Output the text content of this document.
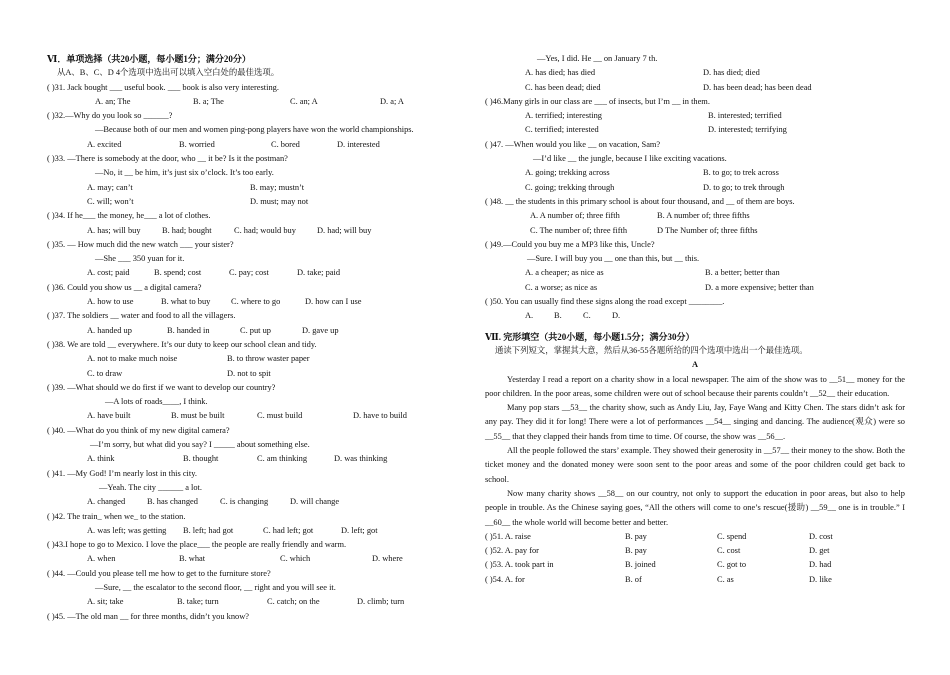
Ⅵ．单项选择（共20小题，每小题1分；满分20分）
从A、B、C、D 4个选项中选出可以填入空白处的最佳选项。
( )31. Jack bought ___ useful book. ___ book is also very interesting.
A. an; The	B. a; The	C. an; A	D. a; A
( )32.—Why do you look so ______?
—Because both of our men and women ping-pong players have won the world championships.
A. excited	B. worried	C. bored	D. interested
( )33. —There is somebody at the door, who __ it be? Is it the postman?
—No, it __ be him, it’s just six o’clock. It’s too early.
A. may; can’t	B. may; mustn’t
C. will; won’t	D. must; may not
( )34. If he___ the money, he___ a lot of clothes.
A. has; will buy	B. had; bought	C. had; would buy	D. had; will buy
( )35. — How much did the new watch ___ your sister?
—She ___ 350 yuan for it.
A. cost; paid	B. spend; cost	C. pay; cost	D. take; paid
( )36. Could you show us __ a digital camera?
A. how to use	B. what to buy	C. where to go	D. how can I use
( )37. The soldiers __ water and food to all the villagers.
A. handed up	B. handed in	C. put up	D. gave up
( )38. We are told __ everywhere. It’s our duty to keep our school clean and tidy.
A. not to make much noise	B. to throw waster paper
C. to draw	D. not to spit
( )39. —What should we do first if we want to develop our country?
—A lots of roads____, I think.
A. have built	B. must be built	C. must build	D. have to build
( )40. —What do you think of my new digital camera?
—I’m sorry, but what did you say? I _____ about something else.
A. think	B. thought	C. am thinking	D. was thinking
( )41. —My God! I’m nearly lost in this city.
—Yeah. The city ______ a lot.
A. changed	B. has changed	C. is changing	D. will change
( )42. The train_ when we_ to the station.
A. was left; was getting	B. left; had got	C. had left; got	D. left; got
( )43.I hope to go to Mexico. I love the place___ the people are really friendly and warm.
A. when	B. what	C. which	D. where
( )44. —Could you please tell me how to get to the furniture store?
—Sure, __ the escalator to the second floor, __ right and you will see it.
A. sit; take	B. take; turn	C. catch; on the	D. climb; turn
( )45. —The old man __ for three months, didn’t you know?
—Yes, I did. He __ on January 7 th.
A. has died; has died	D. has died; died
C. has been dead; died	D. has been dead; has been dead
( )46.Many girls in our class are ___ of insects, but I’m __ in them.
A. terrified; interesting	B. interested; terrified
C. terrified; interested	D. interested; terrifying
( )47. —When would you like __ on vacation, Sam?
—I’d like __ the jungle, because I like exciting vacations.
A. going; trekking across	B. to go; to trek across
C. going; trekking through	D. to go; to trek through
( )48. __ the students in this primary school is about four thousand, and __ of them are boys.
A. A number of; three fifth	B. A number of; three fifths
C. The number of; three fifth	D The Number of; three fifths
( )49.—Could you buy me a MP3 like this, Uncle?
—Sure. I will buy you __ one than this, but __ this.
A. a cheaper; as nice as	B. a better; better than
C. a worse; as nice as	D. a more expensive; better than
( )50. You can usually find these signs along the road except ________.
A.	B.	C.	D.
Ⅶ. 完形填空（共20小题，每小题1.5分；满分30分）
通读下列短文，掌握其大意，然后从36-55各题所给的四个选项中选出一个最佳选项。
A
Yesterday I read a report on a charity show in a local newspaper. The aim of the show was to __51__ money for the poor children. In the poor areas, some children were out of school because their parents couldn’t __52__ their education.
Many pop stars __53__ the charity show, such as Andy Liu, Jay, Faye Wang and Kitty Chen. The stars didn’t ask for any pay. They did it for long! There were a lot of performances __54__ singing and dancing. The audience(观众) were so __55__ that they clapped their hands from time to time. Of course, the show was __56__.
All the people followed the stars’ example. They showed their generosity in __57__ their money to the show. Both the ticket money and the donated money were soon sent to the poor areas and some of the poor children could get back to school.
Now many charity shows __58__ on our country, not only to support the education in poor areas, but also to help people in trouble. As the Chinese saying goes, “All the others will come to one’s rescue(援助) __59__ one is in trouble.” I __60__ the whole world will become better and better.
( )51. A. raise	B. pay	C. spend	D. cost
( )52. A. pay for	B. pay	C. cost	D. get
( )53. A. took part in	B. joined	C. got to	D. had
( )54. A. for	B. of	C. as	D. like
